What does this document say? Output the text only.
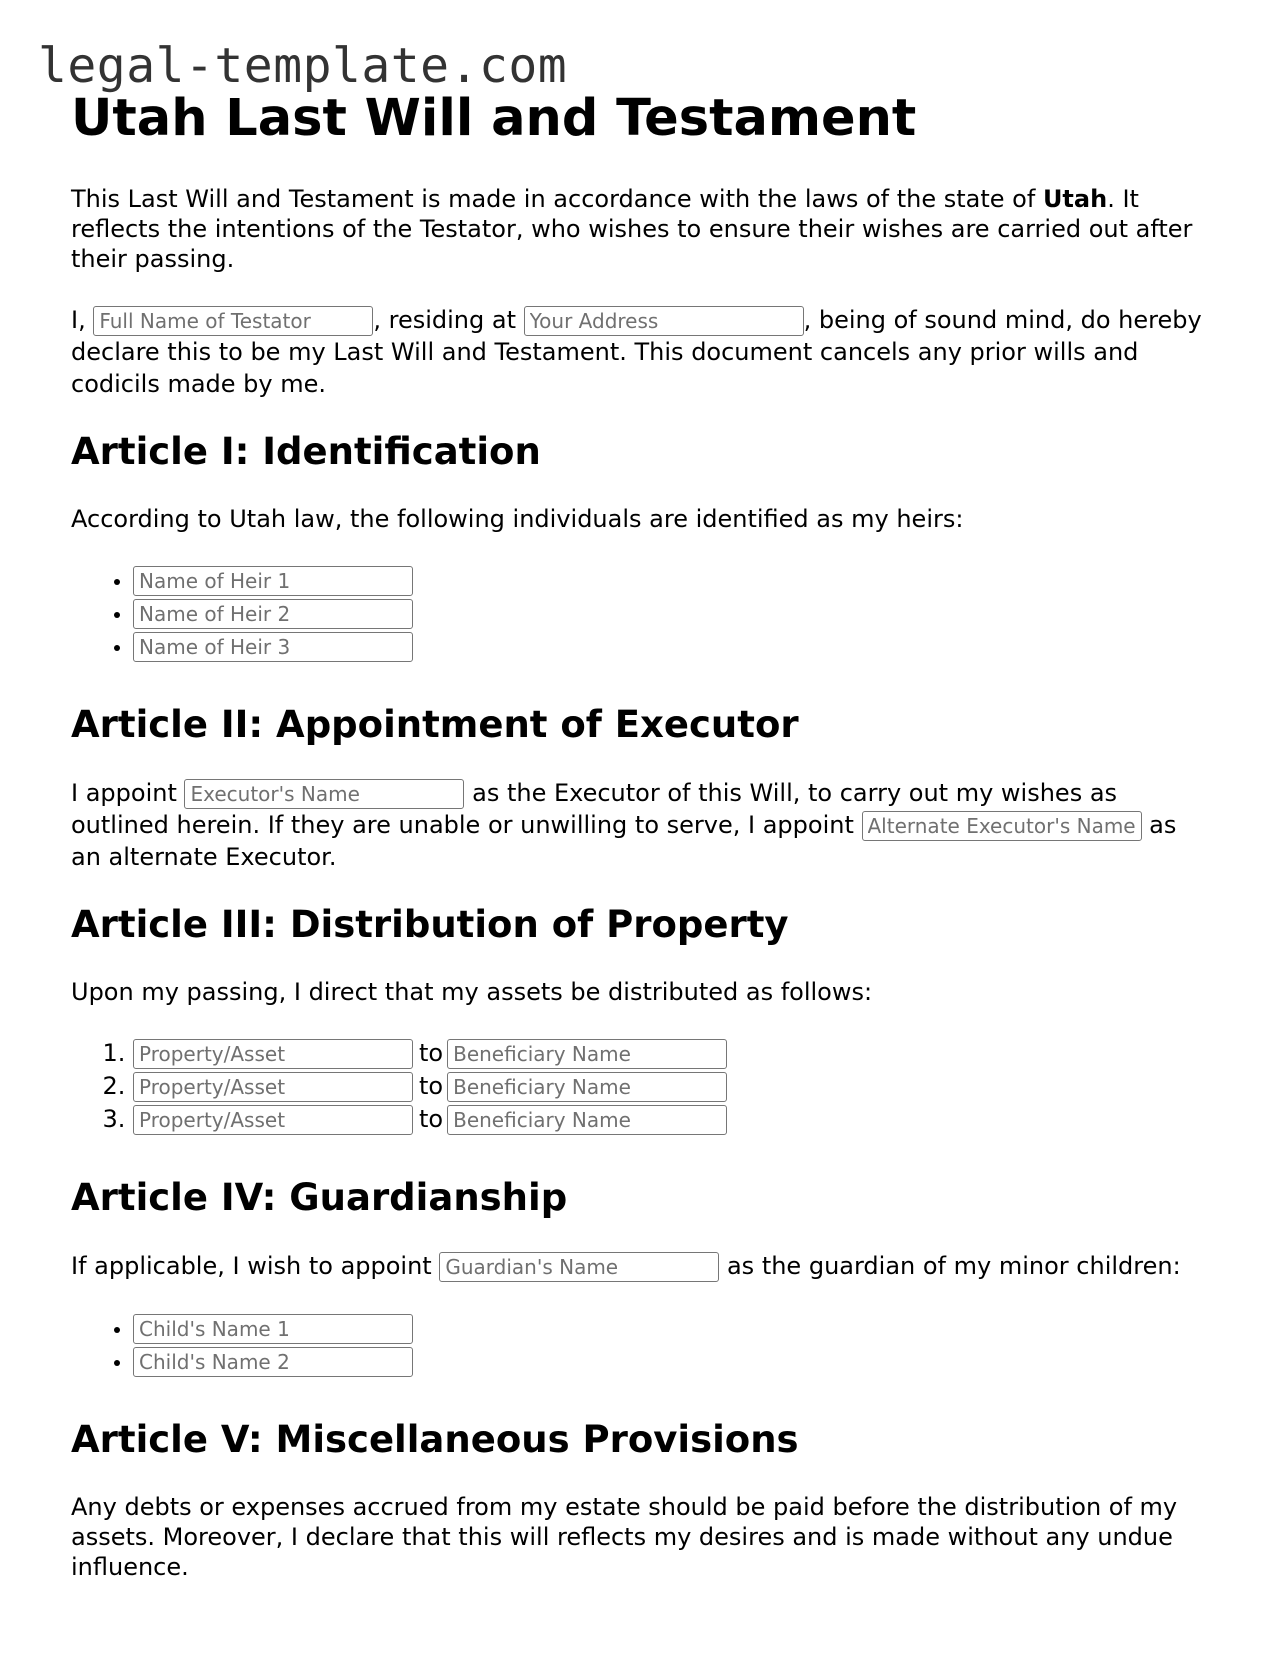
legal-template.com
Utah Last Will and Testament

This Last Will and Testament is made in accordance with the laws of the state of Utah. It reflects the intentions of the Testator, who wishes to ensure their wishes are carried out after their passing.

I, Full Name of Testator	, residing at Your Address	, being of sound mind, do hereby declare this to be my Last Will and Testament. This document cancels any prior wills and codicils made by me.

Article I: Identification

According to Utah law, the following individuals are identified as my heirs:

• Name of Heir 1
• Name of Heir 2
• Name of Heir 3
Article II: Appointment of Executor

I appoint Executor's Name	as the Executor of this Will, to carry out my wishes as outlined herein. If they are unable or unwilling to serve, I appoint Alternate Executor's Name	as an alternate Executor.

Article III: Distribution of Property

Upon my passing, I direct that my assets be distributed as follows:

Property/Asset 1. toBeneficiary Name
Property/Asset 2. toBeneficiary Name
Property/Asset 3. toBeneficiary Name
Article IV: Guardianship

If applicable, I wish to appoint Guardian's Name	as the guardian of my minor children:

• Child's Name 1
• Child's Name 2
Article V: Miscellaneous Provisions

Any debts or expenses accrued from my estate should be paid before the distribution of my assets. Moreover, I declare that this will reflects my desires and is made without any undue influence.
